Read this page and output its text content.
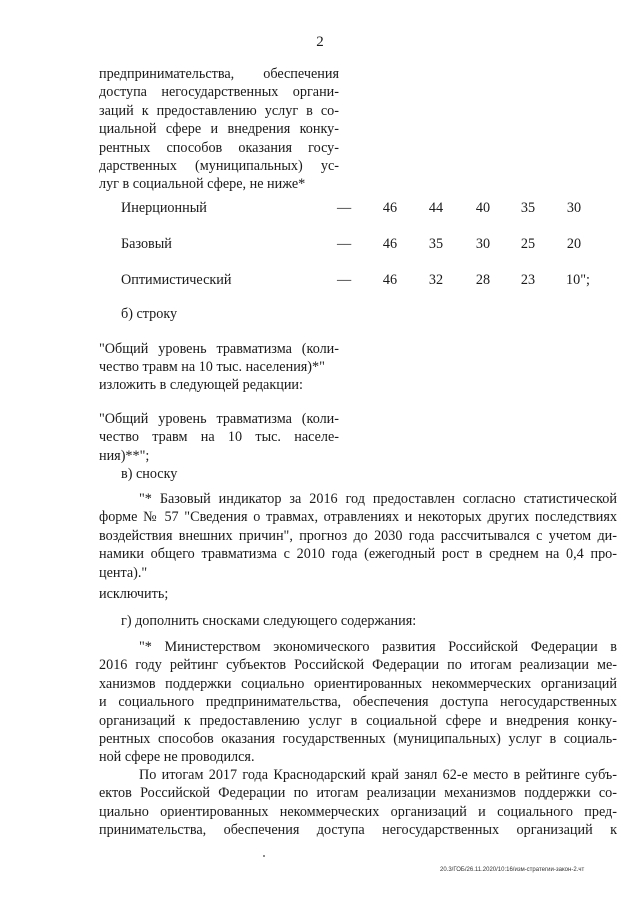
2
предпринимательства, обеспечения
доступа негосударственных органи-
заций к предоставлению услуг в со-
циальной сфере и внедрения конку-
рентных способов оказания госу-
дарственных (муниципальных) ус-
луг в социальной сфере, не ниже*
Инерционный	—	46	44	40	35	30
Базовый	—	46	35	30	25	20
Оптимистический	—	46	32	28	23	10";
б) строку
"Общий уровень травматизма (коли-
чество травм на 10 тыс. населения)*"
изложить в следующей редакции:
"Общий уровень травматизма (коли-
чество травм на 10 тыс. населе-
ния)**";
в) сноску
"* Базовый индикатор за 2016 год предоставлен согласно статистической
форме № 57 "Сведения о травмах, отравлениях и некоторых других последствиях
воздействия внешних причин", прогноз до 2030 года рассчитывался с учетом ди-
намики общего травматизма с 2010 года (ежегодный рост в среднем на 0,4 про-
цента)."
исключить;
г) дополнить сносками следующего содержания:
"* Министерством экономического развития Российской Федерации в
2016 году рейтинг субъектов Российской Федерации по итогам реализации ме-
ханизмов поддержки социально ориентированных некоммерческих организаций
и социального предпринимательства, обеспечения доступа негосударственных
организаций к предоставлению услуг в социальной сфере и внедрения конку-
рентных способов оказания государственных (муниципальных) услуг в социаль-
ной сфере не проводился.
По итогам 2017 года Краснодарский край занял 62-е место в рейтинге субъ-
ектов Российской Федерации по итогам реализации механизмов поддержки со-
циально ориентированных некоммерческих организаций и социального пред-
принимательства, обеспечения доступа негосударственных организаций к
20.3/ГОБ/26.11.2020/10:16/изм-стратегии-закон-2.чт
